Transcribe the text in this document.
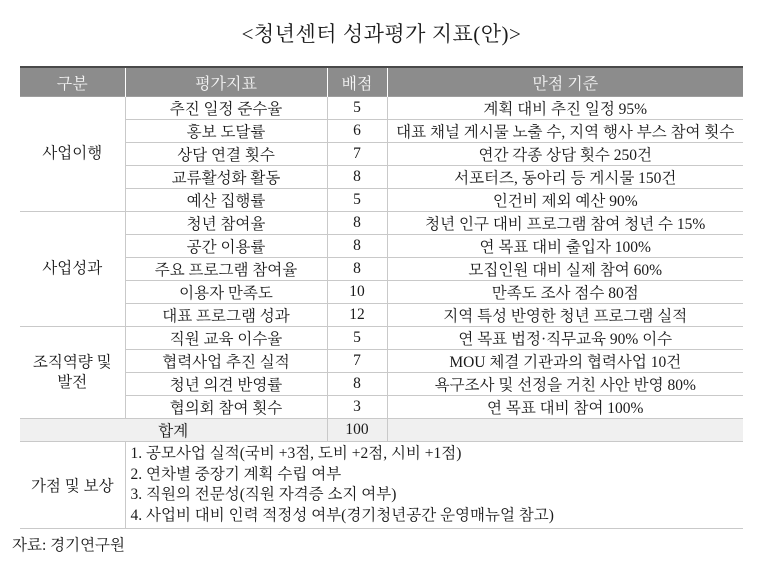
<청년센터 성과평가 지표(안)>
구분	평가지표	배점	만점 기준
사업이행	추진 일정 준수율	5	계획 대비 추진 일정 95%
	홍보 도달률	6	대표 채널 게시물 노출 수, 지역 행사 부스 참여 횟수
	상담 연결 횟수	7	연간 각종 상담 횟수 250건
	교류활성화 활동	8	서포터즈, 동아리 등 게시물 150건
	예산 집행률	5	인건비 제외 예산 90%
사업성과	청년 참여율	8	청년 인구 대비 프로그램 참여 청년 수 15%
	공간 이용률	8	연 목표 대비 출입자 100%
	주요 프로그램 참여율	8	모집인원 대비 실제 참여 60%
	이용자 만족도	10	만족도 조사 점수 80점
	대표 프로그램 성과	12	지역 특성 반영한 청년 프로그램 실적
조직역량 및 발전	직원 교육 이수율	5	연 목표 법정·직무교육 90% 이수
	협력사업 추진 실적	7	MOU 체결 기관과의 협력사업 10건
	청년 의견 반영률	8	욕구조사 및 선정을 거친 사안 반영 80%
	협의회 참여 횟수	3	연 목표 대비 참여 100%
합계		100	
가점 및 보상	1. 공모사업 실적(국비 +3점, 도비 +2점, 시비 +1점)
2. 연차별 중장기 계획 수립 여부
3. 직원의 전문성(직원 자격증 소지 여부)
4. 사업비 대비 인력 적정성 여부(경기청년공간 운영매뉴얼 참고)		
자료: 경기연구원
